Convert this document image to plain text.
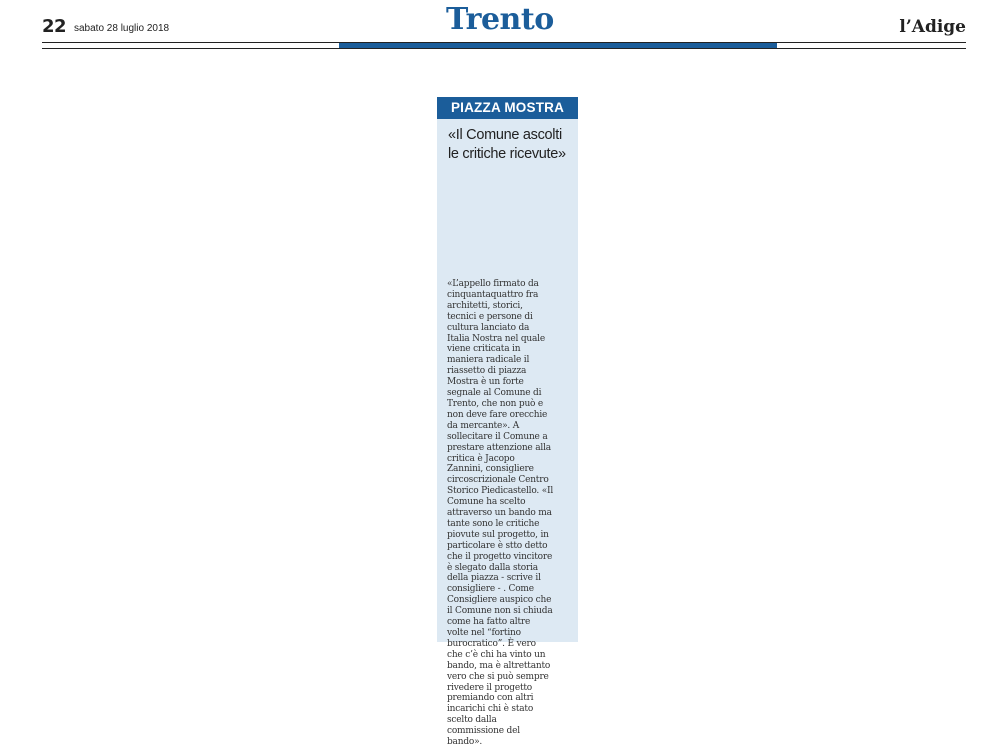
22 sabato 28 luglio 2018	Trento	l’Adige
PIAZZA MOSTRA
«Il Comune ascolti
le critiche ricevute»
«L’appello firmato da
cinquantaquattro fra
architetti, storici,
tecnici e persone di
cultura lanciato da
Italia Nostra nel quale
viene criticata in
maniera radicale il
riassetto di piazza
Mostra è un forte
segnale al Comune di
Trento, che non può e
non deve fare orecchie
da mercante». A
sollecitare il Comune a
prestare attenzione alla
critica è Jacopo
Zannini, consigliere
circoscrizionale Centro
Storico Piedicastello. «Il
Comune ha scelto
attraverso un bando ma
tante sono le critiche
piovute sul progetto, in
particolare è stto detto
che il progetto vincitore
è slegato dalla storia
della piazza - scrive il
consigliere - . Come
Consigliere auspico che
il Comune non si chiuda
come ha fatto altre
volte nel “fortino
burocratico”. È vero
che c’è chi ha vinto un
bando, ma è altrettanto
vero che si può sempre
rivedere il progetto
premiando con altri
incarichi chi è stato
scelto dalla
commissione del
bando».
